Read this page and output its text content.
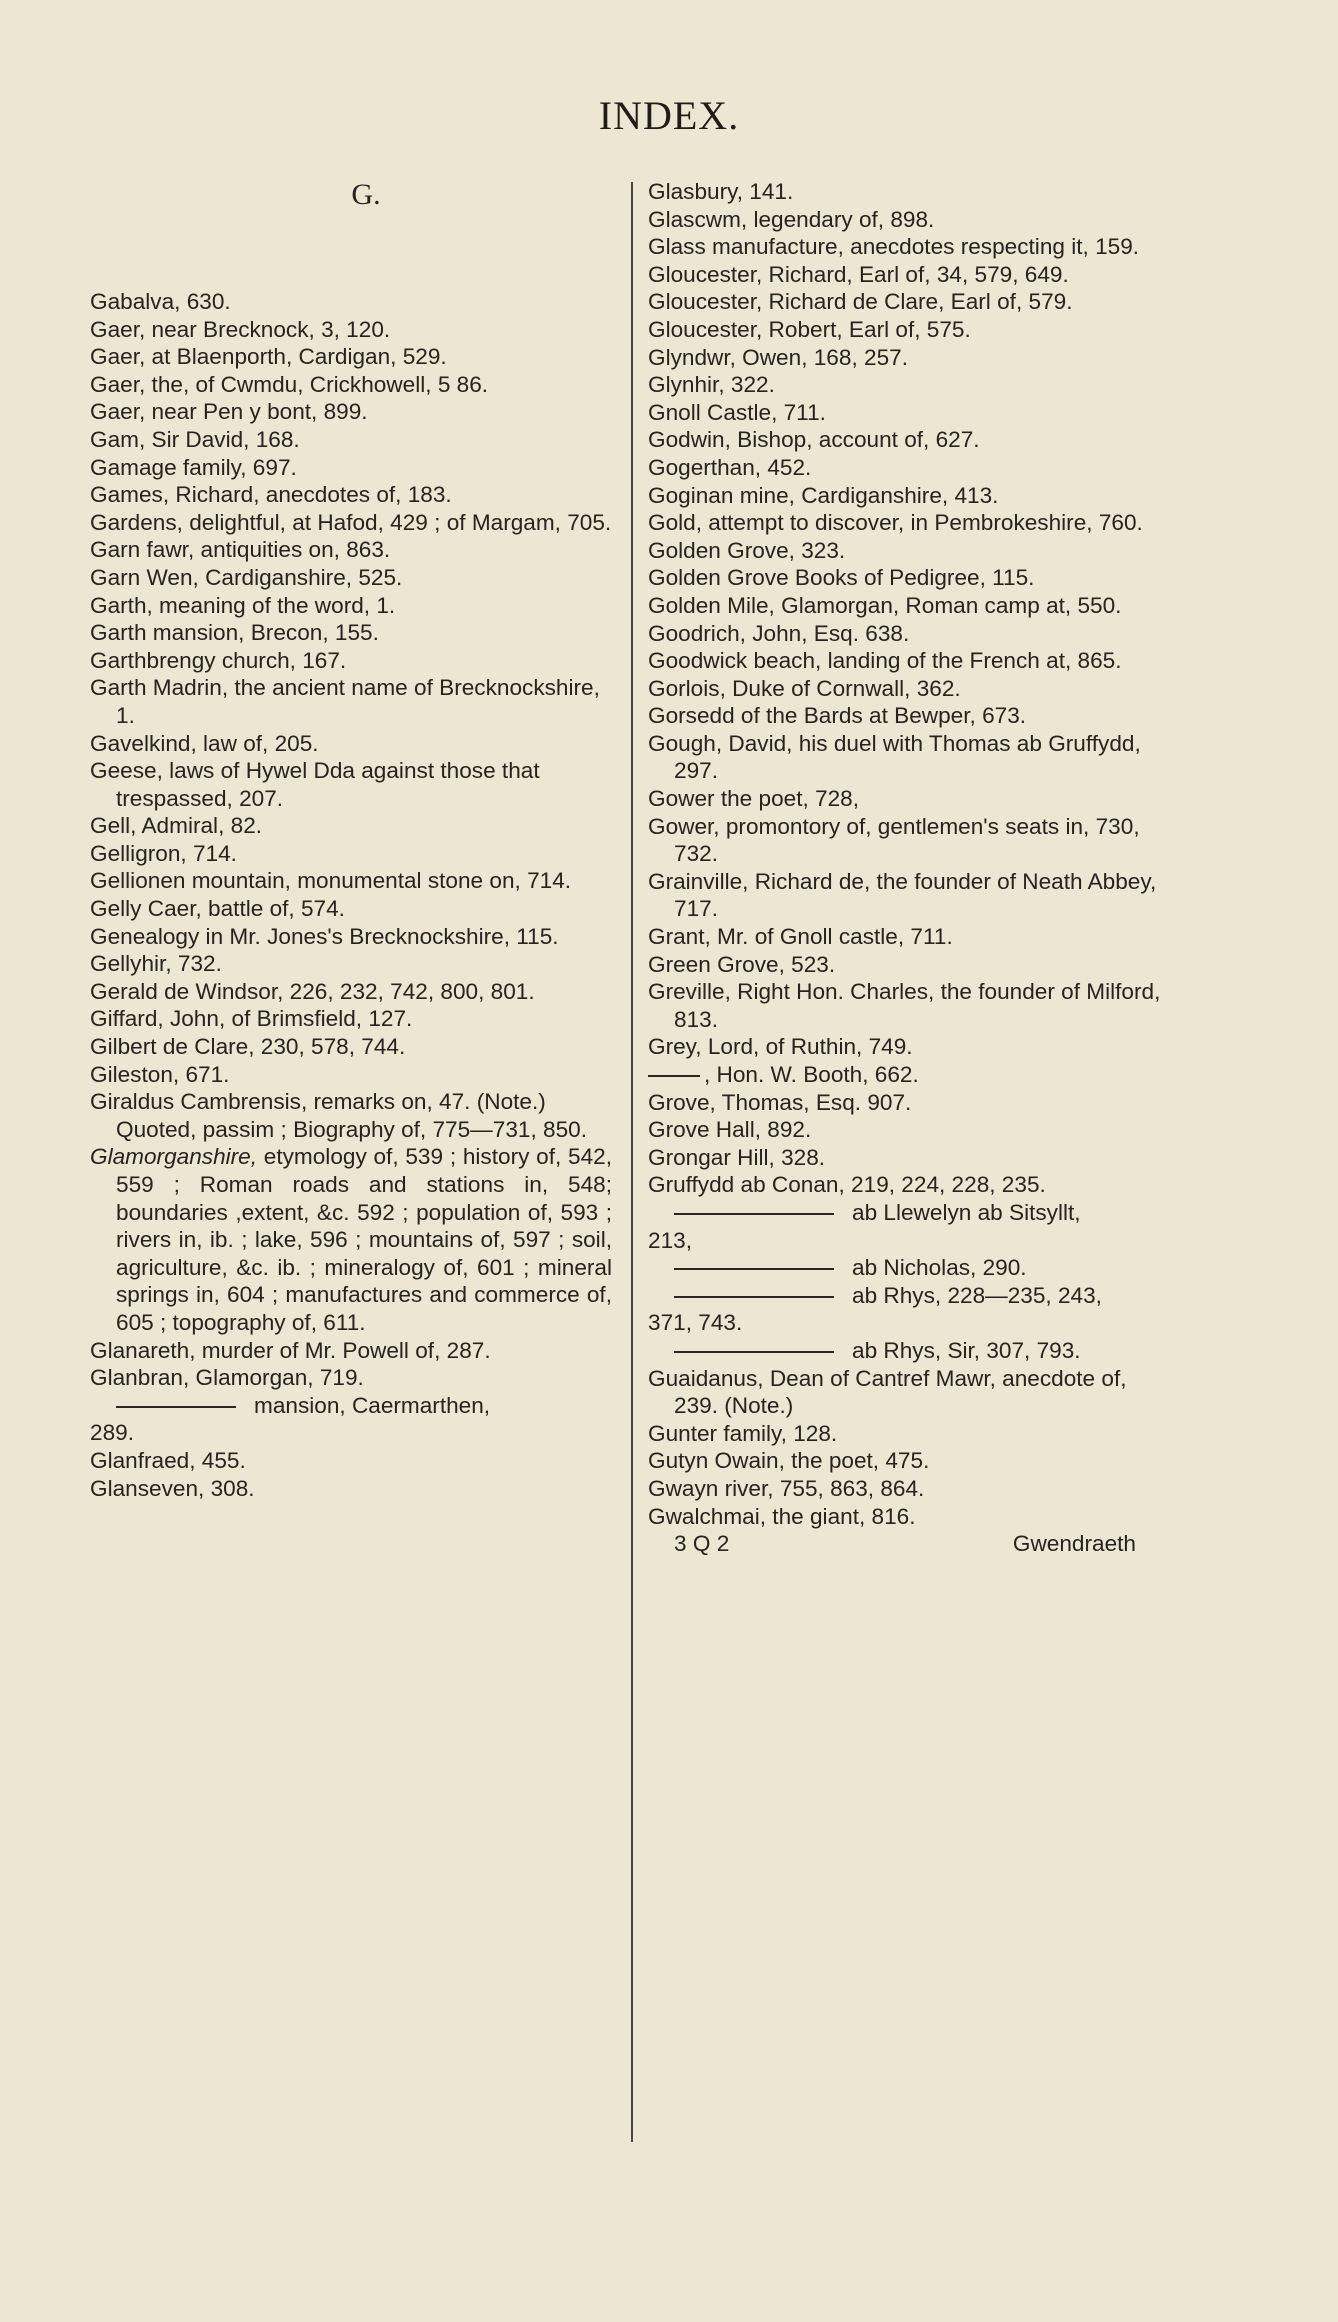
INDEX.
G.

Gabalva, 630.

Gaer, near Brecknock, 3, 120.

Gaer, at Blaenporth, Cardigan, 529.

Gaer, the, of Cwmdu, Crickhowell, 5 86.

Gaer, near Pen y bont, 899.

Gam, Sir David, 168.

Gamage family, 697.

Games, Richard, anecdotes of, 183.

Gardens, delightful, at Hafod, 429 ; of Margam, 705.

Garn fawr, antiquities on, 863.

Garn Wen, Cardiganshire, 525.

Garth, meaning of the word, 1.

Garth mansion, Brecon, 155.

Garthbrengy church, 167.

Garth Madrin, the ancient name of Brecknockshire, 1.

Gavelkind, law of, 205.

Geese, laws of Hywel Dda against those that trespassed, 207.

Gell, Admiral, 82.

Gelligron, 714.

Gellionen mountain, monumental stone on, 714.

Gelly Caer, battle of, 574.

Genealogy in Mr. Jones's Brecknockshire, 115.

Gellyhir, 732.

Gerald de Windsor, 226, 232, 742, 800, 801.

Giffard, John, of Brimsfield, 127.

Gilbert de Clare, 230, 578, 744.

Gileston, 671.

Giraldus Cambrensis, remarks on, 47. (Note.) Quoted, passim ; Biography of, 775—731, 850.

Glamorganshire, etymology of, 539 ; history of, 542, 559 ; Roman roads and stations in, 548; boundaries ,extent, &c. 592 ; population of, 593 ; rivers in, ib. ; lake, 596 ; mountains of, 597 ; soil, agriculture, &c. ib. ; mineralogy of, 601 ; mineral springs in, 604 ; manufactures and commerce of, 605 ; topography of, 611.

Glanareth, murder of Mr. Powell of, 287.

Glanbran, Glamorgan, 719.

mansion, Caermarthen,

289.

Glanfraed, 455.

Glanseven, 308.

Glasbury, 141.

Glascwm, legendary of, 898.

Glass manufacture, anecdotes respecting it, 159.

Gloucester, Richard, Earl of, 34, 579, 649.

Gloucester, Richard de Clare, Earl of, 579.

Gloucester, Robert, Earl of, 575.

Glyndwr, Owen, 168, 257.

Glynhir, 322.

Gnoll Castle, 711.

Godwin, Bishop, account of, 627.

Gogerthan, 452.

Goginan mine, Cardiganshire, 413.

Gold, attempt to discover, in Pembrokeshire, 760.

Golden Grove, 323.

Golden Grove Books of Pedigree, 115.

Golden Mile, Glamorgan, Roman camp at, 550.

Goodrich, John, Esq. 638.

Goodwick beach, landing of the French at, 865.

Gorlois, Duke of Cornwall, 362.

Gorsedd of the Bards at Bewper, 673.

Gough, David, his duel with Thomas ab Gruffydd, 297.

Gower the poet, 728,

Gower, promontory of, gentlemen's seats in, 730, 732.

Grainville, Richard de, the founder of Neath Abbey, 717.

Grant, Mr. of Gnoll castle, 711.

Green Grove, 523.

Greville, Right Hon. Charles, the founder of Milford, 813.

Grey, Lord, of Ruthin, 749.

, Hon. W. Booth, 662.

Grove, Thomas, Esq. 907.

Grove Hall, 892.

Grongar Hill, 328.

Gruffydd ab Conan, 219, 224, 228, 235.

ab Llewelyn ab Sitsyllt,

213,

ab Nicholas, 290.

ab Rhys, 228—235, 243,

371, 743.

ab Rhys, Sir, 307, 793.

Guaidanus, Dean of Cantref Mawr, anecdote of, 239. (Note.)

Gunter family, 128.

Gutyn Owain, the poet, 475.

Gwayn river, 755, 863, 864.

Gwalchmai, the giant, 816.

3 Q 2	Gwendraeth
